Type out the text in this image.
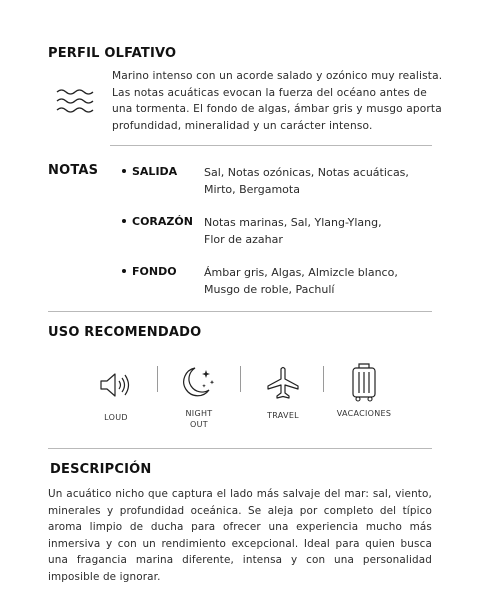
PERFIL OLFATIVO
Marino intenso con un acorde salado y ozónico muy realista. Las notas acuáticas evocan la fuerza del océano antes de una tormenta. El fondo de algas, ámbar gris y musgo aporta profundidad, mineralidad y un carácter intenso.
NOTAS	SALIDA Sal, Notas ozónicas, Notas acuáticas, Mirto, Bergamota
CORAZÓN Notas marinas, Sal, Ylang-Ylang, Flor de azahar
FONDO Ámbar gris, Algas, Almizcle blanco, Musgo de roble, Pachulí
USO RECOMENDADO
LOUD	NIGHT OUT
TRAVEL	VACACIONES
DESCRIPCIÓN
Un acuático nicho que captura el lado más salvaje del mar: sal, viento, minerales y profundidad oceánica. Se aleja por completo del típico aroma limpio de ducha para ofrecer una experiencia mucho más inmersiva y con un rendimiento excepcional. Ideal para quien busca una fragancia marina diferente, intensa y con una personalidad imposible de ignorar.
